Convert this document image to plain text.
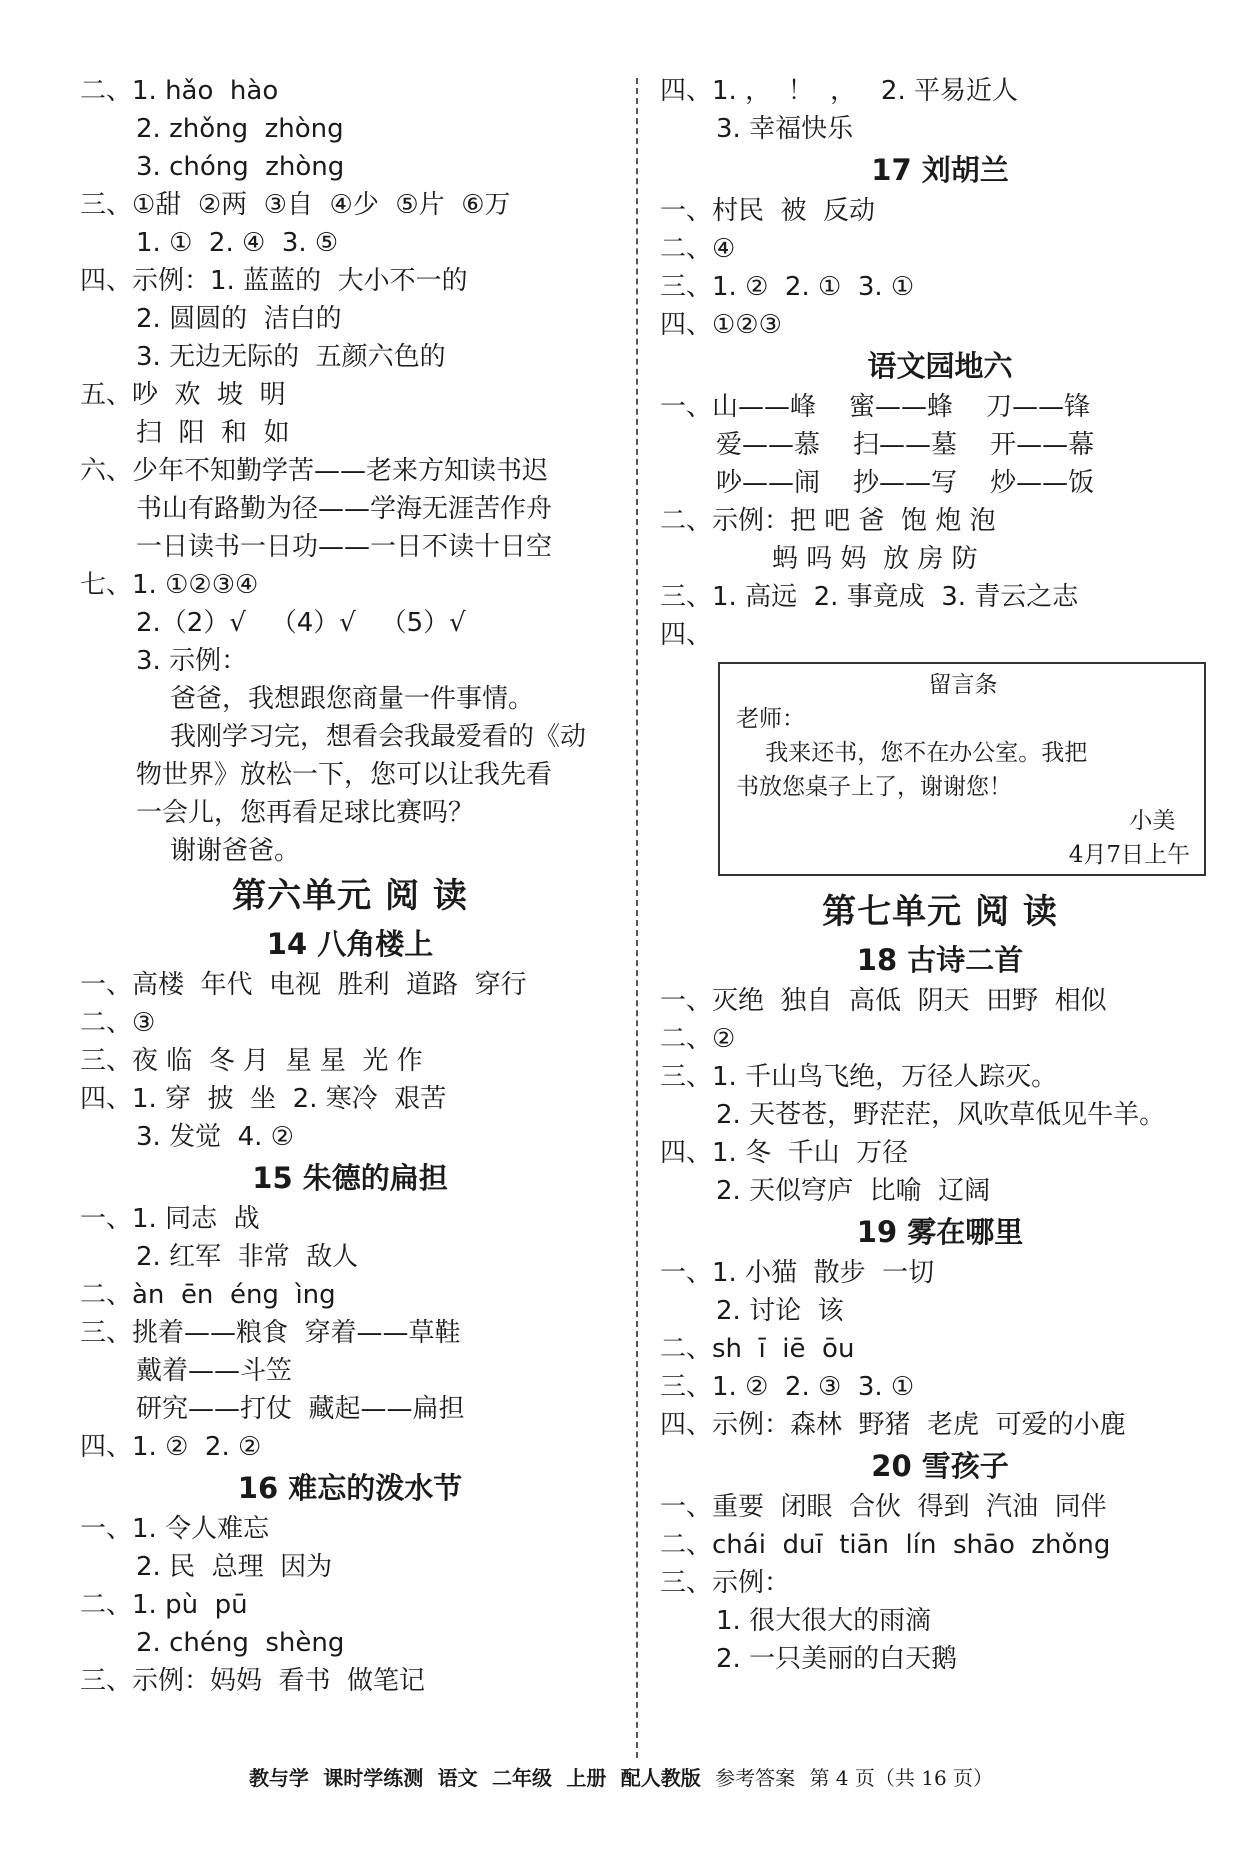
二、1. hǎo  hào
2. zhǒng  zhòng
3. chóng  zhòng
三、①甜  ②两  ③自  ④少  ⑤片  ⑥万
1. ①  2. ④  3. ⑤
四、示例：1. 蓝蓝的  大小不一的
2. 圆圆的  洁白的
3. 无边无际的  五颜六色的
五、吵  欢  坡  明
扫  阳  和  如
六、少年不知勤学苦——老来方知读书迟
书山有路勤为径——学海无涯苦作舟
一日读书一日功——一日不读十日空
七、1. ①②③④
2.（2）√   （4）√   （5）√
3. 示例：
爸爸，我想跟您商量一件事情。
我刚学习完，想看会我最爱看的《动
物世界》放松一下，您可以让我先看
一会儿，您再看足球比赛吗？
谢谢爸爸。
第六单元 阅 读
14 八角楼上
一、高楼  年代  电视  胜利  道路  穿行
二、③
三、夜 临  冬 月  星 星  光 作
四、1. 穿  披  坐  2. 寒冷  艰苦
3. 发觉  4. ②
15 朱德的扁担
一、1. 同志  战
2. 红军  非常  敌人
二、àn  ēn  éng  ìng
三、挑着——粮食  穿着——草鞋
戴着——斗笠
研究——打仗  藏起——扁担
四、1. ②  2. ②
16 难忘的泼水节
一、1. 令人难忘
2. 民  总理  因为
二、1. pù  pū
2. chéng  shèng
三、示例：妈妈  看书  做笔记
四、1. ，  ！  ，   2. 平易近人
3. 幸福快乐
17 刘胡兰
一、村民  被  反动
二、④
三、1. ②  2. ①  3. ①
四、①②③
语文园地六
一、山——峰    蜜——蜂    刀——锋
爱——慕    扫——墓    开——幕
吵——闹    抄——写    炒——饭
二、示例：把 吧 爸  饱 炮 泡
蚂 吗 妈  放 房 防
三、1. 高远  2. 事竟成  3. 青云之志
四、
留言条
老师：
我来还书，您不在办公室。我把
书放您桌子上了，谢谢您！
小美
4月7日上午
第七单元 阅 读
18 古诗二首
一、灭绝  独自  高低  阴天  田野  相似
二、②
三、1. 千山鸟飞绝，万径人踪灭。
2. 天苍苍，野茫茫，风吹草低见牛羊。
四、1. 冬  千山  万径
2. 天似穹庐  比喻  辽阔
19 雾在哪里
一、1. 小猫  散步  一切
2. 讨论  该
二、sh  ī  iē  ōu
三、1. ②  2. ③  3. ①
四、示例：森林  野猪  老虎  可爱的小鹿
20 雪孩子
一、重要  闭眼  合伙  得到  汽油  同伴
二、chái  duī  tiān  lín  shāo  zhǒng
三、示例：
1. 很大很大的雨滴
2. 一只美丽的白天鹅
教与学 课时学练测 语文 二年级 上册 配人教版 参考答案 第 4 页（共 16 页）
